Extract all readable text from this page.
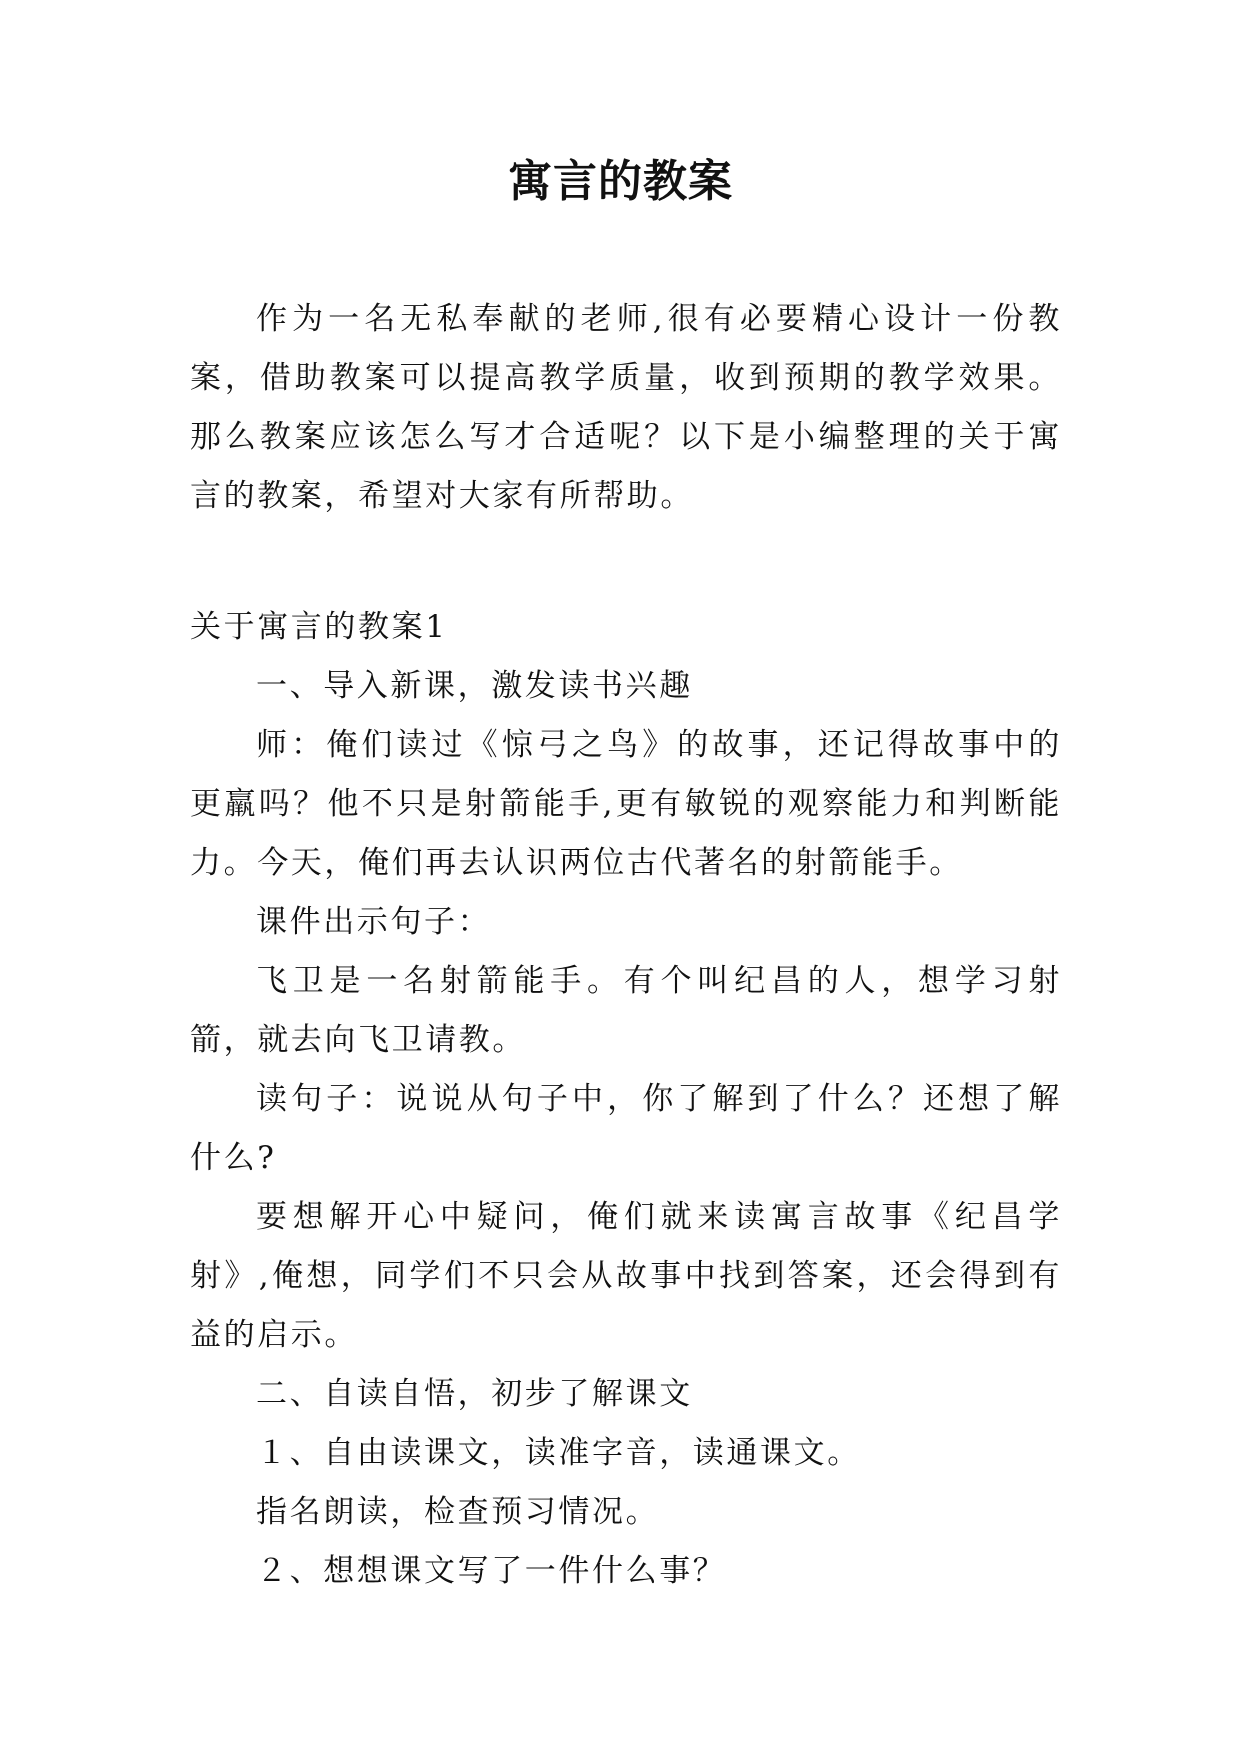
寓言的教案

作为一名无私奉献的老师,很有必要精心设计一份教案，借助教案可以提高教学质量，收到预期的教学效果。那么教案应该怎么写才合适呢？以下是小编整理的关于寓言的教案，希望对大家有所帮助。

关于寓言的教案1

一、导入新课，激发读书兴趣

师：俺们读过《惊弓之鸟》的故事，还记得故事中的更羸吗？他不只是射箭能手,更有敏锐的观察能力和判断能力。今天，俺们再去认识两位古代著名的射箭能手。

课件出示句子：

飞卫是一名射箭能手。有个叫纪昌的人，想学习射箭，就去向飞卫请教。

读句子：说说从句子中，你了解到了什么？还想了解什么?

要想解开心中疑问，俺们就来读寓言故事《纪昌学射》,俺想，同学们不只会从故事中找到答案，还会得到有益的启示。

二、自读自悟，初步了解课文

１、自由读课文，读准字音，读通课文。

指名朗读，检查预习情况。

２、想想课文写了一件什么事？
